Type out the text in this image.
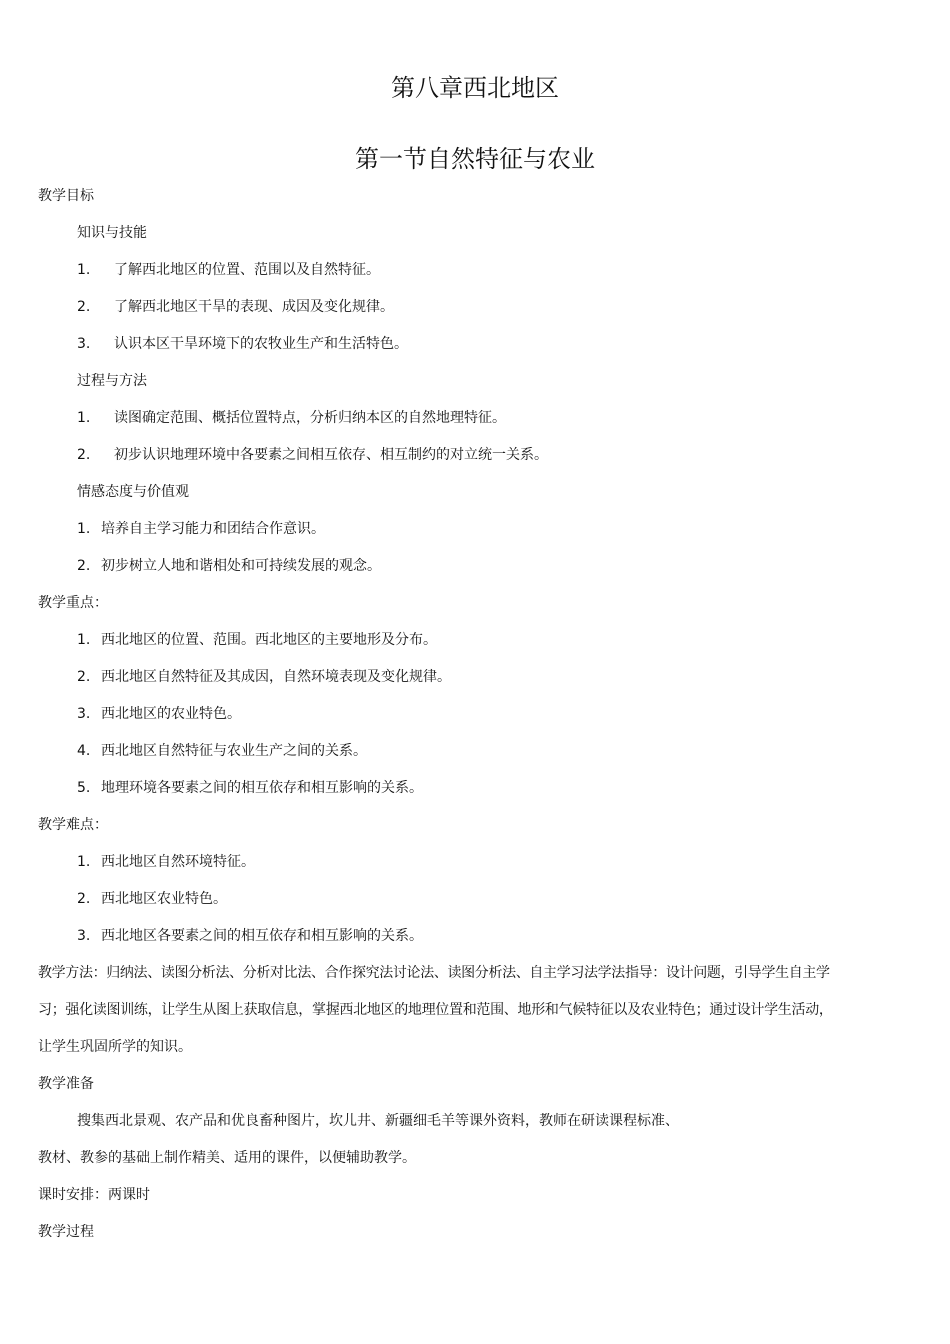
第八章西北地区
第一节自然特征与农业
教学目标
知识与技能
1. 了解西北地区的位置、范围以及自然特征。
2. 了解西北地区干旱的表现、成因及变化规律。
3. 认识本区干旱环境下的农牧业生产和生活特色。
过程与方法
1. 读图确定范围、概括位置特点，分析归纳本区的自然地理特征。
2. 初步认识地理环境中各要素之间相互依存、相互制约的对立统一关系。
情感态度与价值观
1. 培养自主学习能力和团结合作意识。
2. 初步树立人地和谐相处和可持续发展的观念。
教学重点：
1. 西北地区的位置、范围。西北地区的主要地形及分布。
2. 西北地区自然特征及其成因，自然环境表现及变化规律。
3. 西北地区的农业特色。
4. 西北地区自然特征与农业生产之间的关系。
5. 地理环境各要素之间的相互依存和相互影响的关系。
教学难点：
1. 西北地区自然环境特征。
2. 西北地区农业特色。
3. 西北地区各要素之间的相互依存和相互影响的关系。
教学方法：归纳法、读图分析法、分析对比法、合作探究法讨论法、读图分析法、自主学习法学法指导：设计问题，引导学生自主学
习；强化读图训练，让学生从图上获取信息，掌握西北地区的地理位置和范围、地形和气候特征以及农业特色；通过设计学生活动，
让学生巩固所学的知识。
教学准备
搜集西北景观、农产品和优良畜种图片，坎儿井、新疆细毛羊等课外资料，教师在研读课程标准、
教材、教参的基础上制作精美、适用的课件，以便辅助教学。
课时安排：两课时
教学过程
